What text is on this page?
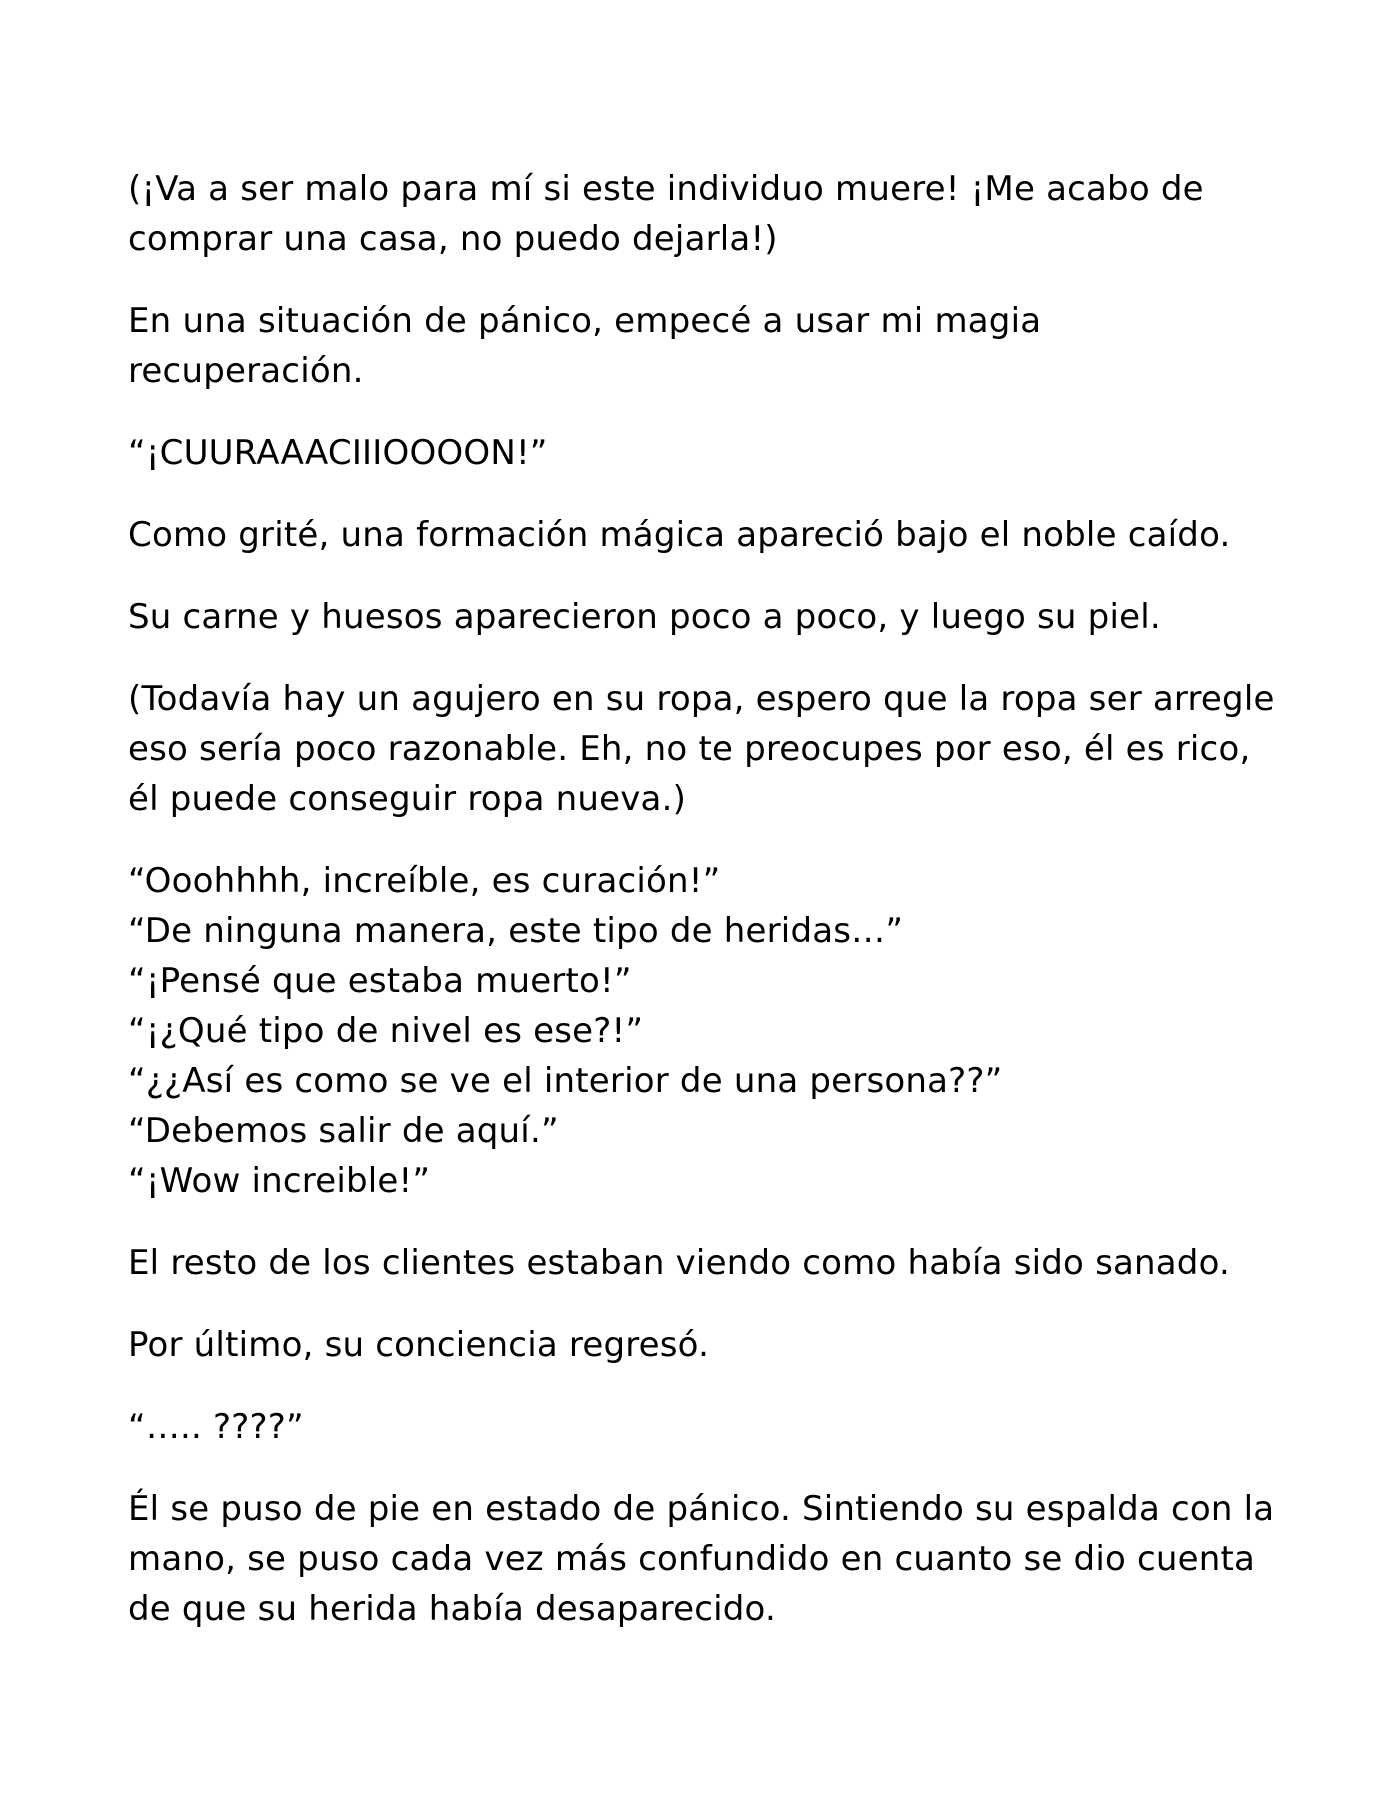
(¡Va a ser malo para mí si este individuo muere! ¡Me acabo de comprar una casa, no puedo dejarla!)

En una situación de pánico, empecé a usar mi magia recuperación.

“¡CUURAAACIIIOOOON!”

Como grité, una formación mágica apareció bajo el noble caído.

Su carne y huesos aparecieron poco a poco, y luego su piel.

(Todavía hay un agujero en su ropa, espero que la ropa ser arregle eso sería poco razonable. Eh, no te preocupes por eso, él es rico, él puede conseguir ropa nueva.)

“Ooohhhh, increíble, es curación!”
“De ninguna manera, este tipo de heridas…”
“¡Pensé que estaba muerto!”
“¡¿Qué tipo de nivel es ese?!”
“¿¿Así es como se ve el interior de una persona??”
“Debemos salir de aquí.”
“¡Wow increible!”

El resto de los clientes estaban viendo como había sido sanado.

Por último, su conciencia regresó.

“….. ????”

Él se puso de pie en estado de pánico. Sintiendo su espalda con la mano, se puso cada vez más confundido en cuanto se dio cuenta de que su herida había desaparecido.
